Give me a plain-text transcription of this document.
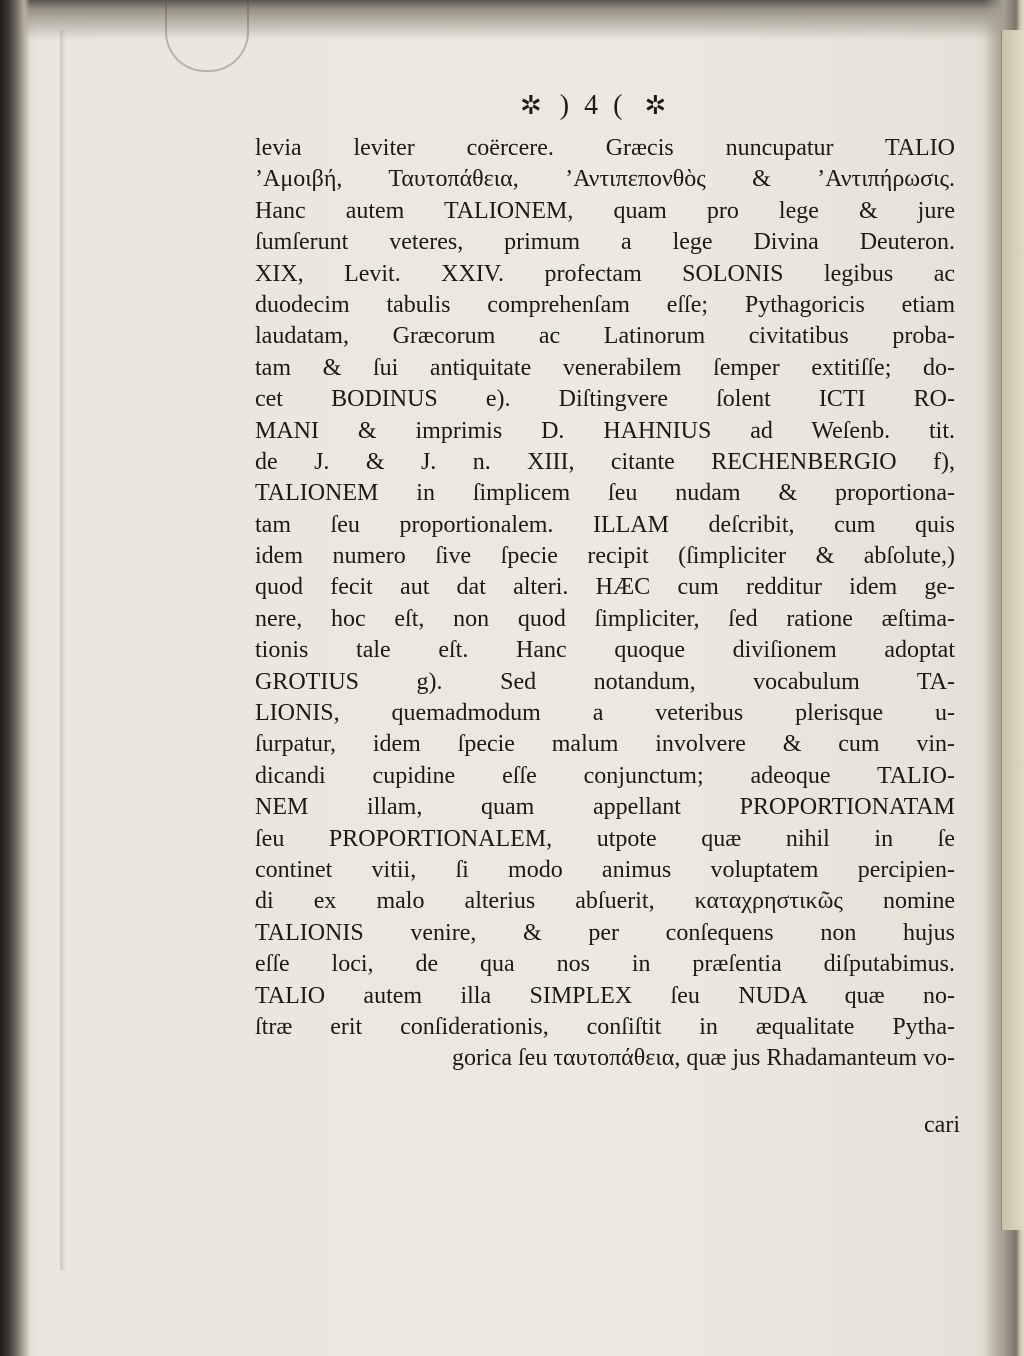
✲ ) 4 ( ✲
levia leviter coërcere. Græcis nuncupatur TALIO
’Αμοιβή, Ταυτοπάθεια, ’Αντιπεπονθὸς & ’Αντιπήρωσις.
Hanc autem TALIONEM, quam pro lege & jure
ſumſerunt veteres, primum a lege Divina Deuteron.
XIX, Levit. XXIV. profectam SOLONIS legibus ac
duodecim tabulis comprehenſam eſſe; Pythagoricis etiam
laudatam, Græcorum ac Latinorum civitatibus proba-
tam & ſui antiquitate venerabilem ſemper extitiſſe; do-
cet BODINUS e). Diſtingvere ſolent ICTI RO-
MANI & imprimis D. HAHNIUS ad Weſenb. tit.
de J. & J. n. XIII, citante RECHENBERGIO f),
TALIONEM in ſimplicem ſeu nudam & proportiona-
tam ſeu proportionalem. ILLAM deſcribit, cum quis
idem numero ſive ſpecie recipit (ſimpliciter & abſolute,)
quod fecit aut dat alteri. HÆC cum redditur idem ge-
nere, hoc eſt, non quod ſimpliciter, ſed ratione æſtima-
tionis tale eſt. Hanc quoque diviſionem adoptat
GROTIUS g). Sed notandum, vocabulum TA-
LIONIS, quemadmodum a veteribus plerisque u-
ſurpatur, idem ſpecie malum involvere & cum vin-
dicandi cupidine eſſe conjunctum; adeoque TALIO-
NEM illam, quam appellant PROPORTIONATAM
ſeu PROPORTIONALEM, utpote quæ nihil in ſe
continet vitii, ſi modo animus voluptatem percipien-
di ex malo alterius abſuerit, καταχρηστικῶς nomine
TALIONIS venire, & per conſequens non hujus
eſſe loci, de qua nos in præſentia diſputabimus.
TALIO autem illa SIMPLEX ſeu NUDA quæ no-
ſtræ erit conſiderationis, conſiſtit in æqualitate Pytha-
gorica ſeu ταυτοπάθεια, quæ jus Rhadamanteum vo-
cari
